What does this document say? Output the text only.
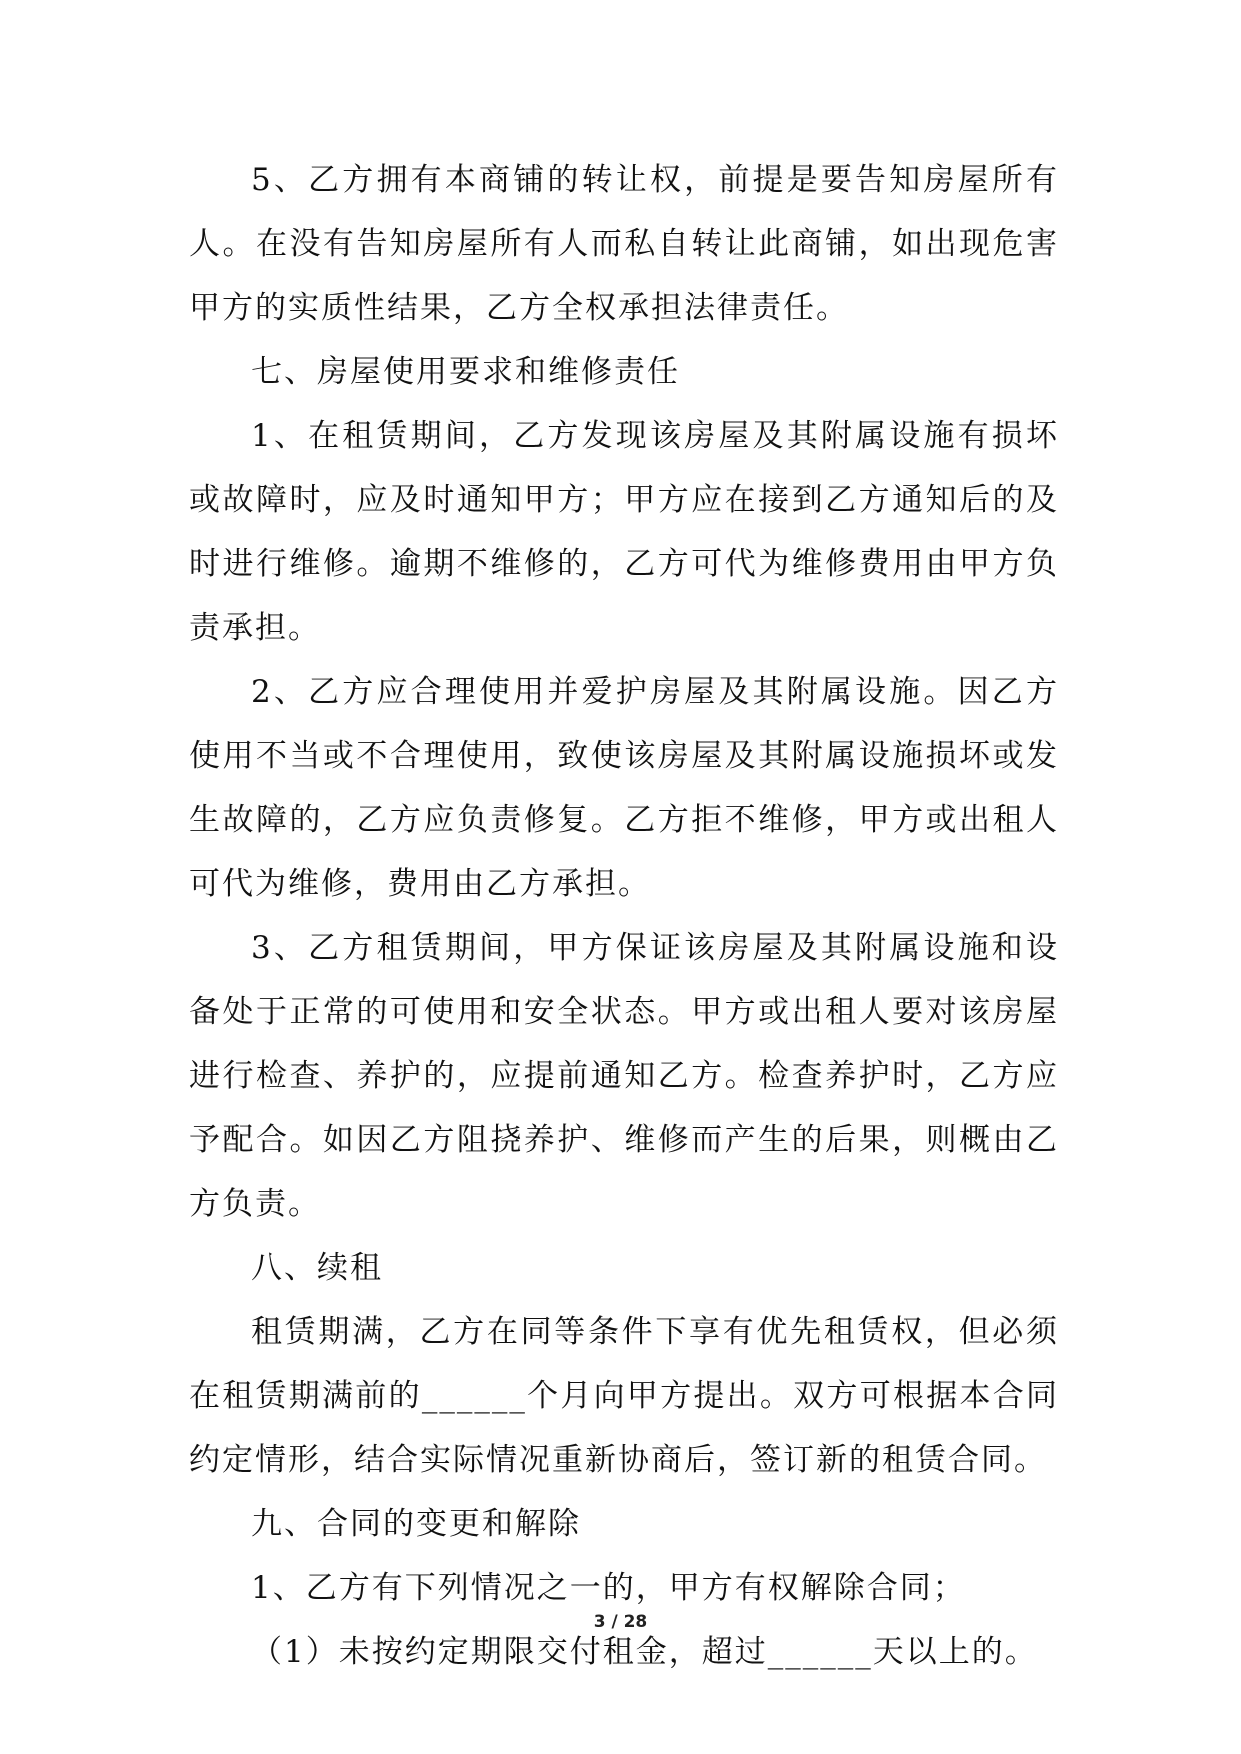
5、乙方拥有本商铺的转让权，前提是要告知房屋所有人。在没有告知房屋所有人而私自转让此商铺，如出现危害甲方的实质性结果，乙方全权承担法律责任。

七、房屋使用要求和维修责任

1、在租赁期间，乙方发现该房屋及其附属设施有损坏或故障时，应及时通知甲方；甲方应在接到乙方通知后的及时进行维修。逾期不维修的，乙方可代为维修费用由甲方负责承担。

2、乙方应合理使用并爱护房屋及其附属设施。因乙方使用不当或不合理使用，致使该房屋及其附属设施损坏或发生故障的，乙方应负责修复。乙方拒不维修，甲方或出租人可代为维修，费用由乙方承担。

3、乙方租赁期间，甲方保证该房屋及其附属设施和设备处于正常的可使用和安全状态。甲方或出租人要对该房屋进行检查、养护的，应提前通知乙方。检查养护时，乙方应予配合。如因乙方阻挠养护、维修而产生的后果，则概由乙方负责。

八、续租

租赁期满，乙方在同等条件下享有优先租赁权，但必须在租赁期满前的______个月向甲方提出。双方可根据本合同约定情形，结合实际情况重新协商后，签订新的租赁合同。

九、合同的变更和解除

1、乙方有下列情况之一的，甲方有权解除合同；

（1）未按约定期限交付租金，超过______天以上的。

3 / 28
